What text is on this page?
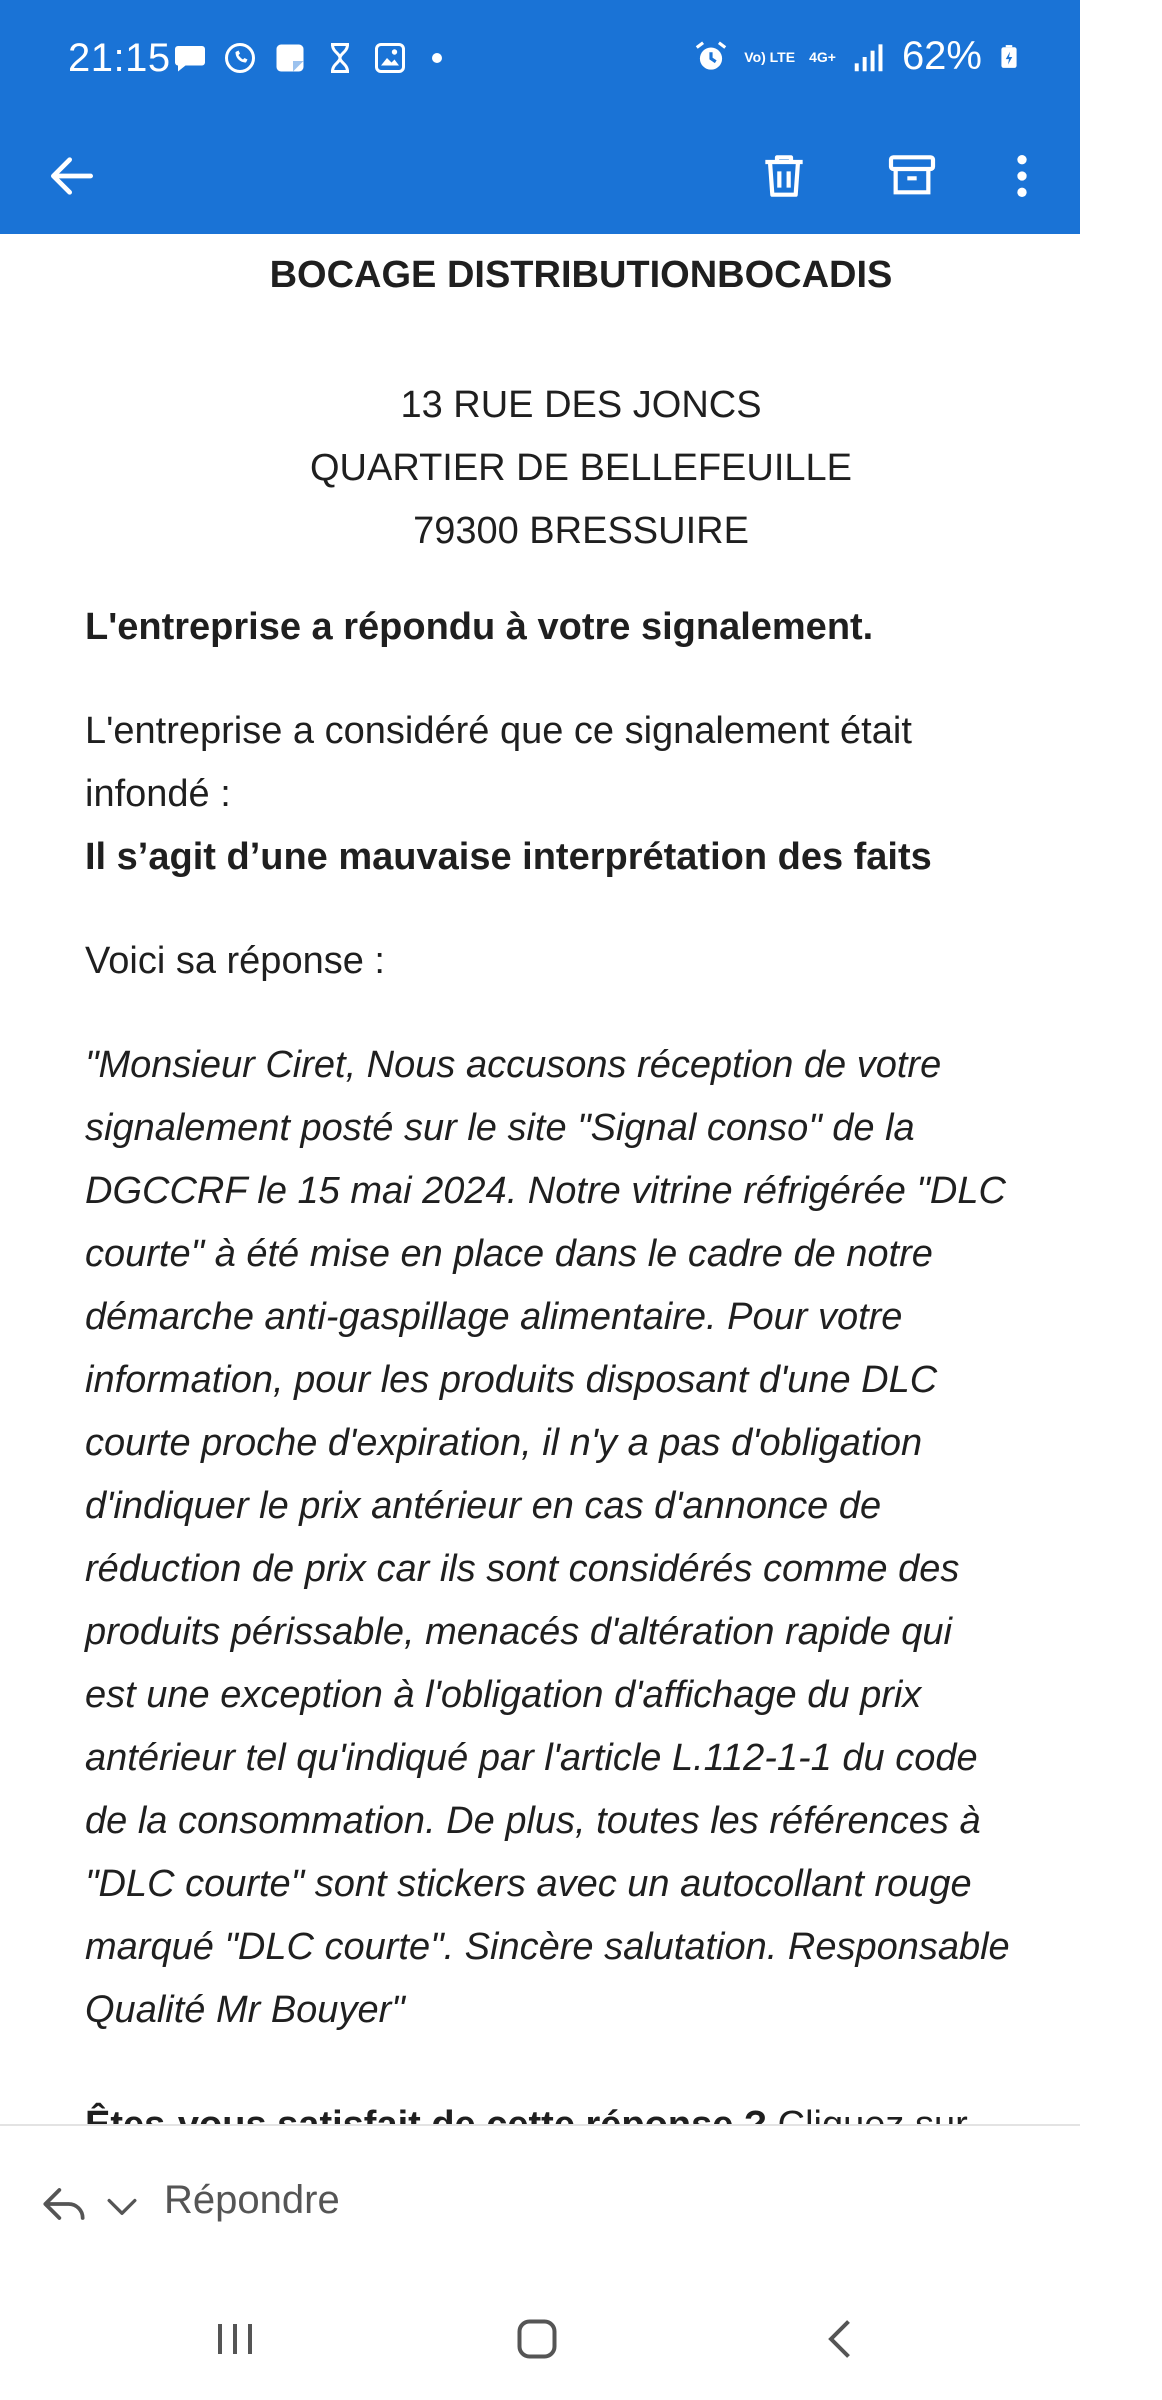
21:15	Vo) LTE 4G+ 62%
BOCAGE DISTRIBUTIONBOCADIS
13 RUE DES JONCS
QUARTIER DE BELLEFEUILLE
79300 BRESSUIRE
L'entreprise a répondu à votre signalement.
L'entreprise a considéré que ce signalement était
infondé :
Il s’agit d’une mauvaise interprétation des faits
Voici sa réponse :
"Monsieur Ciret, Nous accusons réception de votre
signalement posté sur le site "Signal conso" de la
DGCCRF le 15 mai 2024. Notre vitrine réfrigérée "DLC
courte" à été mise en place dans le cadre de notre
démarche anti-gaspillage alimentaire. Pour votre
information, pour les produits disposant d'une DLC
courte proche d'expiration, il n'y a pas d'obligation
d'indiquer le prix antérieur en cas d'annonce de
réduction de prix car ils sont considérés comme des
produits périssable, menacés d'altération rapide qui
est une exception à l'obligation d'affichage du prix
antérieur tel qu'indiqué par l'article L.112-1-1 du code
de la consommation. De plus, toutes les références à
"DLC courte" sont stickers avec un autocollant rouge
marqué "DLC courte". Sincère salutation. Responsable
Qualité Mr Bouyer"
Répondre
